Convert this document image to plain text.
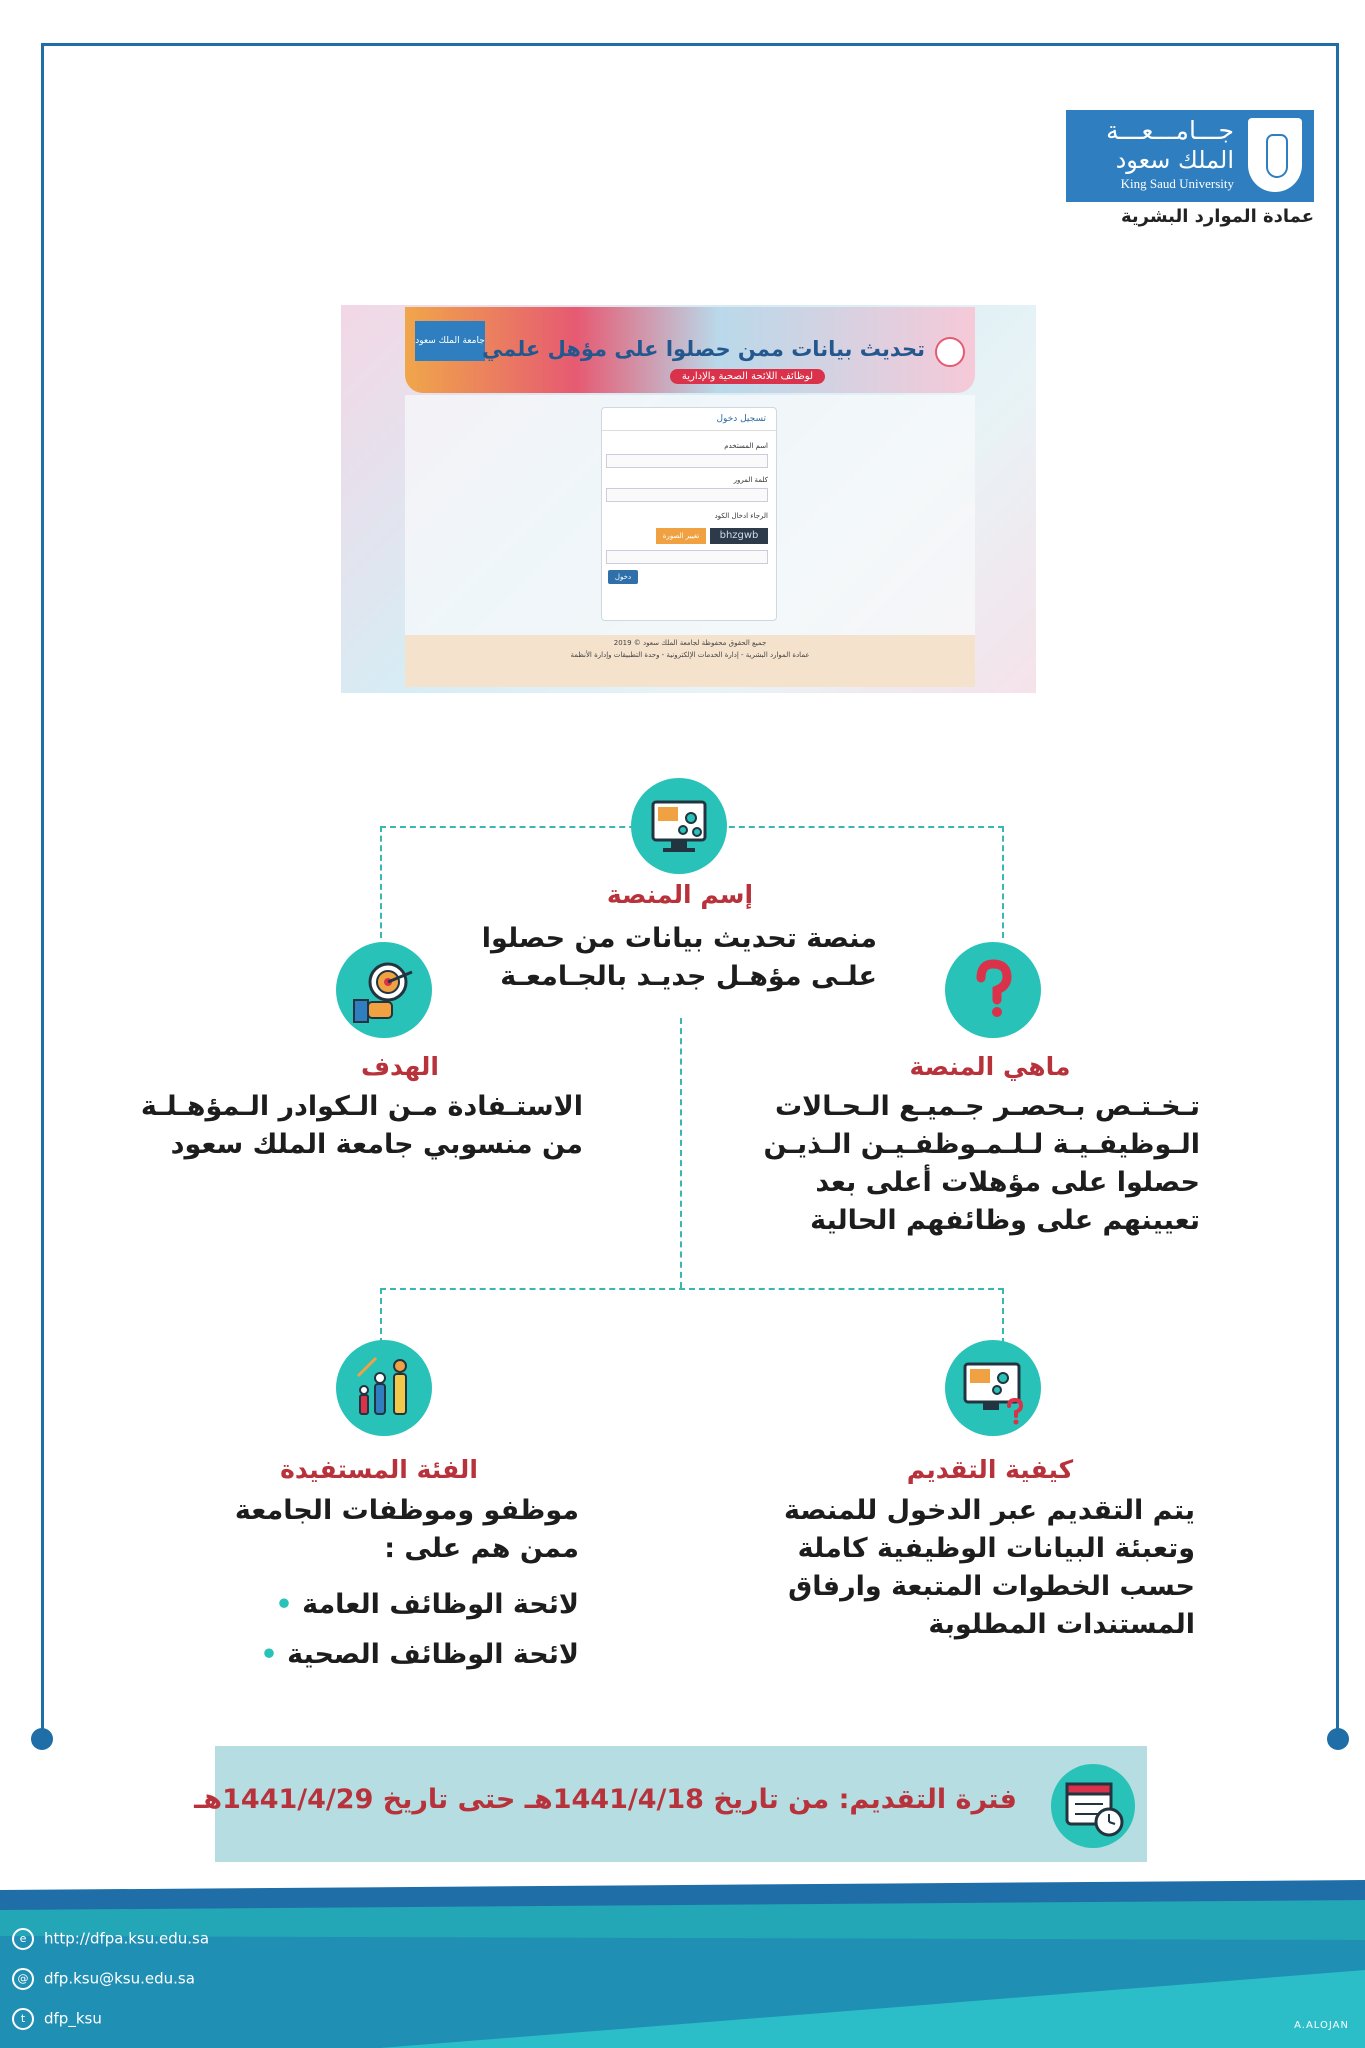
جـــامـــعـــة
الملك سعود
King Saud University
عمادة الموارد البشرية
جامعة الملك سعود
تحديث بيانات ممن حصلوا على مؤهل علمي
لوظائف اللائحة الصحية والإدارية
تسجيل دخول
اسم المستخدم
كلمة المرور
الرجاء ادخال الكود
bhzgwb
تغيير الصورة
دخول
جميع الحقوق محفوظة لجامعة الملك سعود © 2019
عمادة الموارد البشرية - إدارة الخدمات الإلكترونية - وحدة التطبيقات وإدارة الأنظمة
إسم المنصة
منصة تحديث بيانات من حصلوا
علـى مؤهـل جديـد بالجـامعـة
الهدف
الاستـفادة مـن الـكوادر الـمؤهـلـة
من منسوبي جامعة الملك سعود
ماهي المنصة
تـخـتـص بـحصـر جـميـع الـحـالات
الـوظيفـيـة لـلـمـوظفـيـن الـذيـن
حصلوا على مؤهلات أعلى بعد
تعيينهم على وظائفهم الحالية
الفئة المستفيدة
موظفو وموظفات الجامعة
ممن هم على :
لائحة الوظائف العامة •
لائحة الوظائف الصحية •
كيفية التقديم
يتم التقديم عبر الدخول للمنصة
وتعبئة البيانات الوظيفية كاملة
حسب الخطوات المتبعة وارفاق
المستندات المطلوبة
فترة التقديم: من تاريخ 1441/4/18هـ حتى تاريخ 1441/4/29هـ
e http://dfpa.ksu.edu.sa
@ dfp.ksu@ksu.edu.sa
t dfp_ksu	A.ALOJAN
